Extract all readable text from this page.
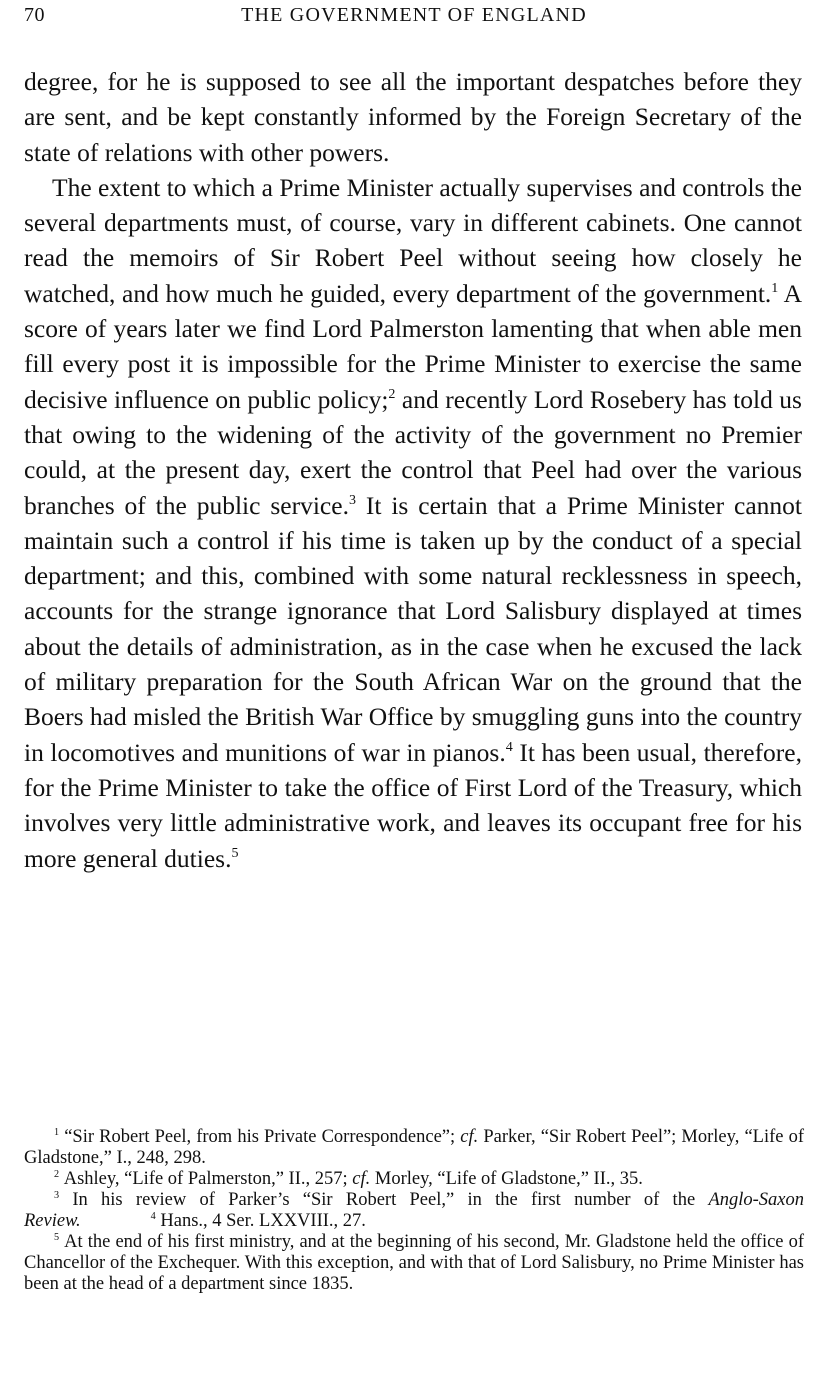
70	THE GOVERNMENT OF ENGLAND

degree, for he is supposed to see all the important despatches before they are sent, and be kept constantly informed by the Foreign Secretary of the state of relations with other powers.

The extent to which a Prime Minister actually supervises and controls the several departments must, of course, vary in different cabinets. One cannot read the memoirs of Sir Robert Peel without seeing how closely he watched, and how much he guided, every department of the government.$^1$ A score of years later we find Lord Palmerston lamenting that when able men fill every post it is impossible for the Prime Minister to exercise the same decisive influence on public policy;$^2$ and recently Lord Rosebery has told us that owing to the widening of the activity of the government no Premier could, at the present day, exert the control that Peel had over the various branches of the public service.$^3$ It is certain that a Prime Minister cannot maintain such a control if his time is taken up by the conduct of a special department; and this, combined with some natural recklessness in speech, accounts for the strange ignorance that Lord Salisbury displayed at times about the details of administration, as in the case when he excused the lack of military preparation for the South African War on the ground that the Boers had misled the British War Office by smuggling guns into the country in locomotives and munitions of war in pianos.$^4$ It has been usual, therefore, for the Prime Minister to take the office of First Lord of the Treasury, which involves very little administrative work, and leaves its occupant free for his more general duties.$^5$

$^1$ “Sir Robert Peel, from his Private Correspondence”; cf. Parker, “Sir Robert Peel”; Morley, “Life of Gladstone,” I., 248, 298.

$^2$ Ashley, “Life of Palmerston,” II., 257; cf. Morley, “Life of Gladstone,” II., 35.

$^3$ In his review of Parker’s “Sir Robert Peel,” in the first number of the Anglo-Saxon Review.	$^4$ Hans., 4 Ser. LXXVIII., 27.

$^5$ At the end of his first ministry, and at the beginning of his second, Mr. Gladstone held the office of Chancellor of the Exchequer. With this exception, and with that of Lord Salisbury, no Prime Minister has been at the head of a department since 1835.
